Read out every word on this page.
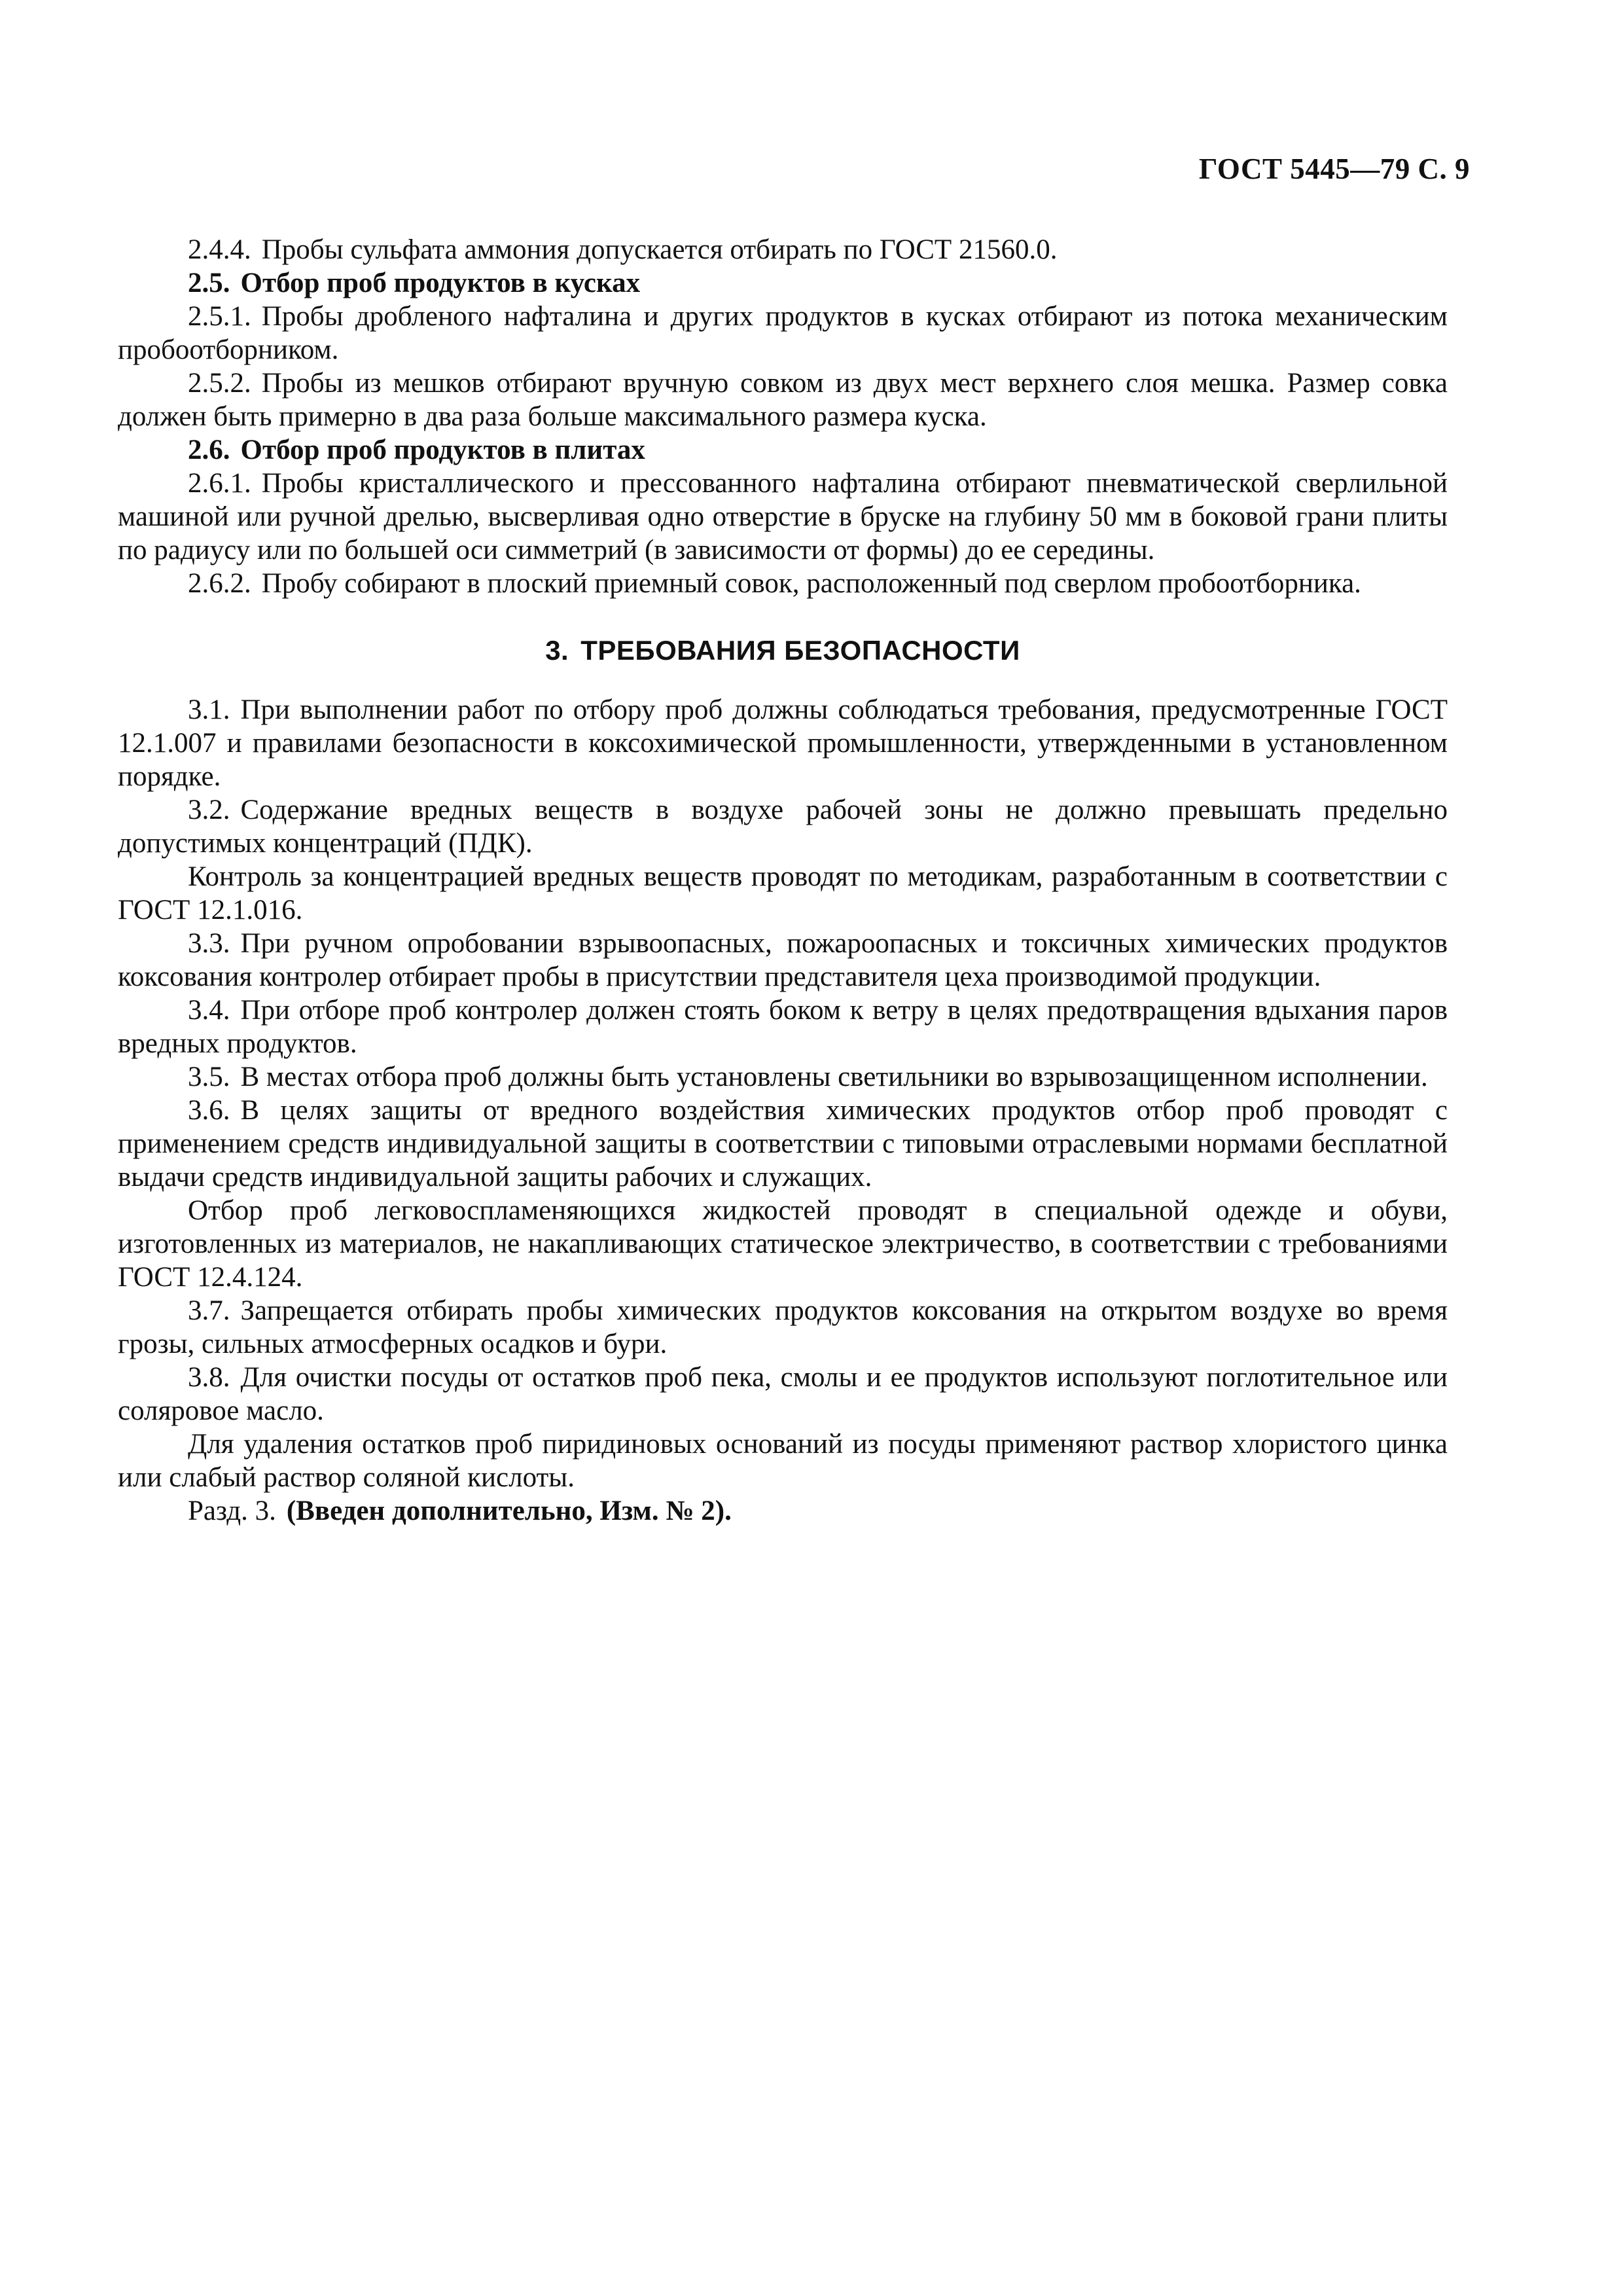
ГОСТ 5445—79 С. 9

2.4.4. Пробы сульфата аммония допускается отбирать по ГОСТ 21560.0.

2.5. Отбор проб продуктов в кусках

2.5.1. Пробы дробленого нафталина и других продуктов в кусках отбирают из потока механическим пробоотборником.

2.5.2. Пробы из мешков отбирают вручную совком из двух мест верхнего слоя мешка. Размер совка должен быть примерно в два раза больше максимального размера куска.

2.6. Отбор проб продуктов в плитах

2.6.1. Пробы кристаллического и прессованного нафталина отбирают пневматической сверлильной машиной или ручной дрелью, высверливая одно отверстие в бруске на глубину 50 мм в боковой грани плиты по радиусу или по большей оси симметрий (в зависимости от формы) до ее середины.

2.6.2. Пробу собирают в плоский приемный совок, расположенный под сверлом пробоотборника.

3. ТРЕБОВАНИЯ БЕЗОПАСНОСТИ

3.1. При выполнении работ по отбору проб должны соблюдаться требования, предусмотренные ГОСТ 12.1.007 и правилами безопасности в коксохимической промышленности, утвержденными в установленном порядке.

3.2. Содержание вредных веществ в воздухе рабочей зоны не должно превышать предельно допустимых концентраций (ПДК).

Контроль за концентрацией вредных веществ проводят по методикам, разработанным в соответствии с ГОСТ 12.1.016.

3.3. При ручном опробовании взрывоопасных, пожароопасных и токсичных химических продуктов коксования контролер отбирает пробы в присутствии представителя цеха производимой продукции.

3.4. При отборе проб контролер должен стоять боком к ветру в целях предотвращения вдыхания паров вредных продуктов.

3.5. В местах отбора проб должны быть установлены светильники во взрывозащищенном исполнении.

3.6. В целях защиты от вредного воздействия химических продуктов отбор проб проводят с применением средств индивидуальной защиты в соответствии с типовыми отраслевыми нормами бесплатной выдачи средств индивидуальной защиты рабочих и служащих.

Отбор проб легковоспламеняющихся жидкостей проводят в специальной одежде и обуви, изготовленных из материалов, не накапливающих статическое электричество, в соответствии с требованиями ГОСТ 12.4.124.

3.7. Запрещается отбирать пробы химических продуктов коксования на открытом воздухе во время грозы, сильных атмосферных осадков и бури.

3.8. Для очистки посуды от остатков проб пека, смолы и ее продуктов используют поглотительное или соляровое масло.

Для удаления остатков проб пиридиновых оснований из посуды применяют раствор хлористого цинка или слабый раствор соляной кислоты.

Разд. 3. (Введен дополнительно, Изм. № 2).
